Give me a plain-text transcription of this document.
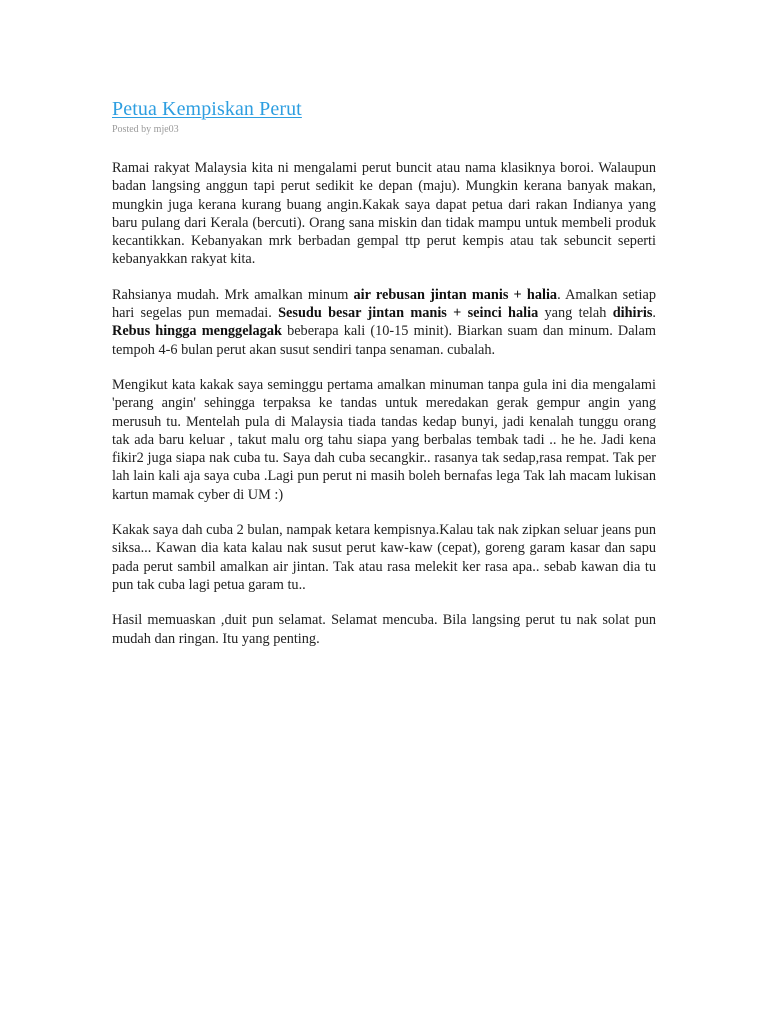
Petua Kempiskan Perut
Posted by mje03

Ramai rakyat Malaysia kita ni mengalami perut buncit atau nama klasiknya boroi. Walaupun badan langsing anggun tapi perut sedikit ke depan (maju). Mungkin kerana banyak makan, mungkin juga kerana kurang buang angin.Kakak saya dapat petua dari rakan Indianya yang baru pulang dari Kerala (bercuti). Orang sana miskin dan tidak mampu untuk membeli produk kecantikkan. Kebanyakan mrk berbadan gempal ttp perut kempis atau tak sebuncit seperti kebanyakkan rakyat kita.

Rahsianya mudah. Mrk amalkan minum air rebusan jintan manis + halia. Amalkan setiap hari segelas pun memadai. Sesudu besar jintan manis + seinci halia yang telah dihiris. Rebus hingga menggelagak beberapa kali (10-15 minit). Biarkan suam dan minum. Dalam tempoh 4-6 bulan perut akan susut sendiri tanpa senaman. cubalah.

Mengikut kata kakak saya seminggu pertama amalkan minuman tanpa gula ini dia mengalami 'perang angin' sehingga terpaksa ke tandas untuk meredakan gerak gempur angin yang merusuh tu. Mentelah pula di Malaysia tiada tandas kedap bunyi, jadi kenalah tunggu orang tak ada baru keluar , takut malu org tahu siapa yang berbalas tembak tadi .. he he. Jadi kena fikir2 juga siapa nak cuba tu. Saya dah cuba secangkir.. rasanya tak sedap,rasa rempat. Tak per lah lain kali aja saya cuba .Lagi pun perut ni masih boleh bernafas lega Tak lah macam lukisan kartun mamak cyber di UM :)

Kakak saya dah cuba 2 bulan, nampak ketara kempisnya.Kalau tak nak zipkan seluar jeans pun siksa... Kawan dia kata kalau nak susut perut kaw-kaw (cepat), goreng garam kasar dan sapu pada perut sambil amalkan air jintan. Tak atau rasa melekit ker rasa apa.. sebab kawan dia tu pun tak cuba lagi petua garam tu..

Hasil memuaskan ,duit pun selamat. Selamat mencuba. Bila langsing perut tu nak solat pun mudah dan ringan. Itu yang penting.
